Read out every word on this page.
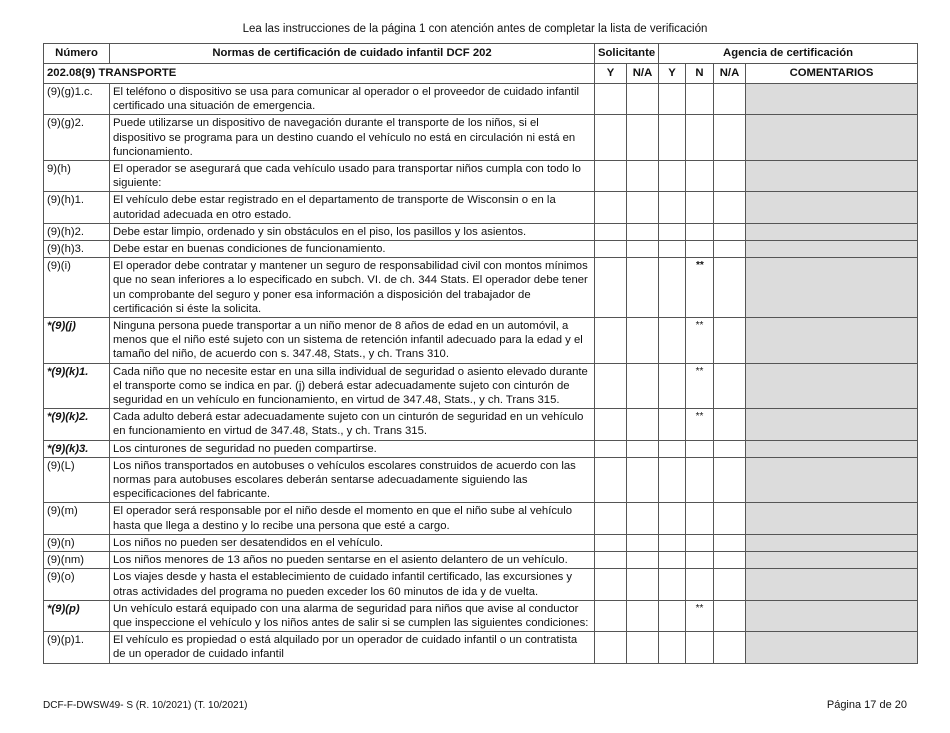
Lea las instrucciones de la página 1 con atención antes de completar la lista de verificación
Número	Normas de certificación de cuidado infantil DCF 202	Solicitante		Agencia de certificación			
202.08(9) TRANSPORTE		Y	N/A	Y	N	N/A	COMENTARIOS
(9)(g)1.c.	El teléfono o dispositivo se usa para comunicar al operador o el proveedor de cuidado infantil certificado una situación de emergencia.						
(9)(g)2.	Puede utilizarse un dispositivo de navegación durante el transporte de los niños, si el dispositivo se programa para un destino cuando el vehículo no está en circulación ni está en funcionamiento.						
9)(h)	El operador se asegurará que cada vehículo usado para transportar niños cumpla con todo lo siguiente:						
(9)(h)1.	El vehículo debe estar registrado en el departamento de transporte de Wisconsin o en la autoridad adecuada en otro estado.						
(9)(h)2.	Debe estar limpio, ordenado y sin obstáculos en el piso, los pasillos y los asientos.						
(9)(h)3.	Debe estar en buenas condiciones de funcionamiento.						
(9)(i)	El operador debe contratar y mantener un seguro de responsabilidad civil con montos mínimos que no sean inferiores a lo especificado en subch. VI. de ch. 344 Stats. El operador debe tener un comprobante del seguro y poner esa información a disposición del trabajador de certificación si éste la solicita.				**		
*(9)(j)	Ninguna persona puede transportar a un niño menor de 8 años de edad en un automóvil, a menos que el niño esté sujeto con un sistema de retención infantil adecuado para la edad y el tamaño del niño, de acuerdo con s. 347.48, Stats., y ch. Trans 310.				**		
*(9)(k)1.	Cada niño que no necesite estar en una silla individual de seguridad o asiento elevado durante el transporte como se indica en par. (j) deberá estar adecuadamente sujeto con cinturón de seguridad en un vehículo en funcionamiento, en virtud de 347.48, Stats., y ch. Trans 315.				**		
*(9)(k)2.	Cada adulto deberá estar adecuadamente sujeto con un cinturón de seguridad en un vehículo en funcionamiento en virtud de 347.48, Stats., y ch. Trans 315.				**		
*(9)(k)3.	Los cinturones de seguridad no pueden compartirse.						
(9)(L)	Los niños transportados en autobuses o vehículos escolares construidos de acuerdo con las normas para autobuses escolares deberán sentarse adecuadamente siguiendo las especificaciones del fabricante.						
(9)(m)	El operador será responsable por el niño desde el momento en que el niño sube al vehículo hasta que llega a destino y lo recibe una persona que esté a cargo.						
(9)(n)	Los niños no pueden ser desatendidos en el vehículo.						
(9)(nm)	Los niños menores de 13 años no pueden sentarse en el asiento delantero de un vehículo.						
(9)(o)	Los viajes desde y hasta el establecimiento de cuidado infantil certificado, las excursiones y otras actividades del programa no pueden exceder los 60 minutos de ida y de vuelta.						
*(9)(p)	Un vehículo estará equipado con una alarma de seguridad para niños que avise al conductor que inspeccione el vehículo y los niños antes de salir si se cumplen las siguientes condiciones:				**		
(9)(p)1.	El vehículo es propiedad o está alquilado por un operador de cuidado infantil o un contratista de un operador de cuidado infantil						
DCF-F-DWSW49- S (R. 10/2021) (T. 10/2021)	Página 17 de 20
